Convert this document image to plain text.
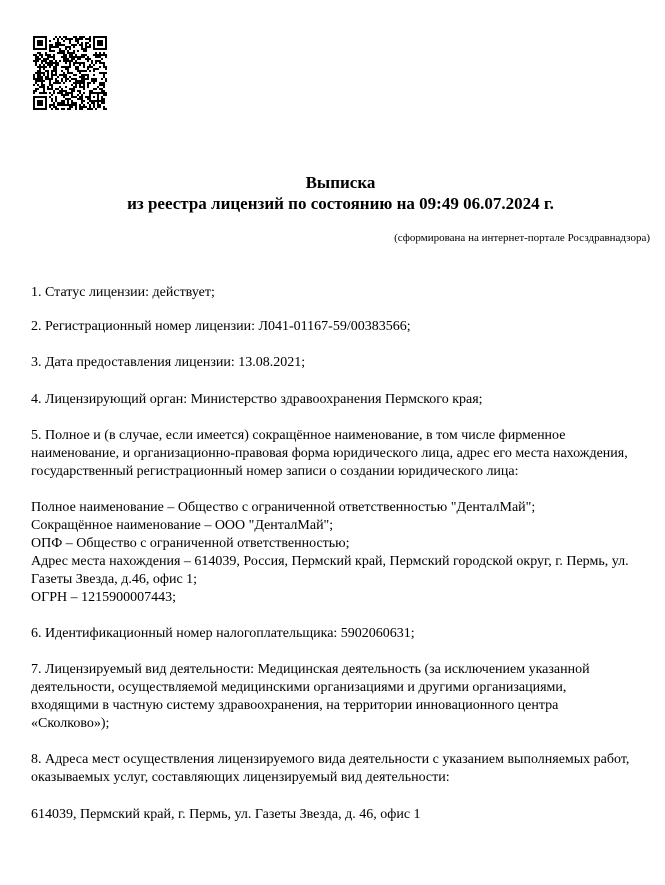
Выписка
из реестра лицензий по состоянию на 09:49 06.07.2024 г.
(сформирована на интернет-портале Росздравнадзора)
1. Статус лицензии: действует;
2. Регистрационный номер лицензии: Л041-01167-59/00383566;
3. Дата предоставления лицензии: 13.08.2021;
4. Лицензирующий орган: Министерство здравоохранения Пермского края;
5. Полное и (в случае, если имеется) сокращённое наименование, в том числе фирменное наименование, и организационно-правовая форма юридического лица, адрес его места нахождения, государственный регистрационный номер записи о создании юридического лица:

Полное наименование – Общество с ограниченной ответственностью "ДенталМай";

Сокращённое наименование – ООО "ДенталМай";

ОПФ – Общество с ограниченной ответственностью;

Адрес места нахождения – 614039, Россия, Пермский край, Пермский городской округ, г. Пермь, ул. Газеты Звезда, д.46, офис 1;

ОГРН – 1215900007443;

6. Идентификационный номер налогоплательщика: 5902060631;
7. Лицензируемый вид деятельности: Медицинская деятельность (за исключением указанной деятельности, осуществляемой медицинскими организациями и другими организациями, входящими в частную систему здравоохранения, на территории инновационного центра «Сколково»);
8. Адреса мест осуществления лицензируемого вида деятельности с указанием выполняемых работ, оказываемых услуг, составляющих лицензируемый вид деятельности:
614039, Пермский край, г. Пермь, ул. Газеты Звезда, д. 46, офис 1
